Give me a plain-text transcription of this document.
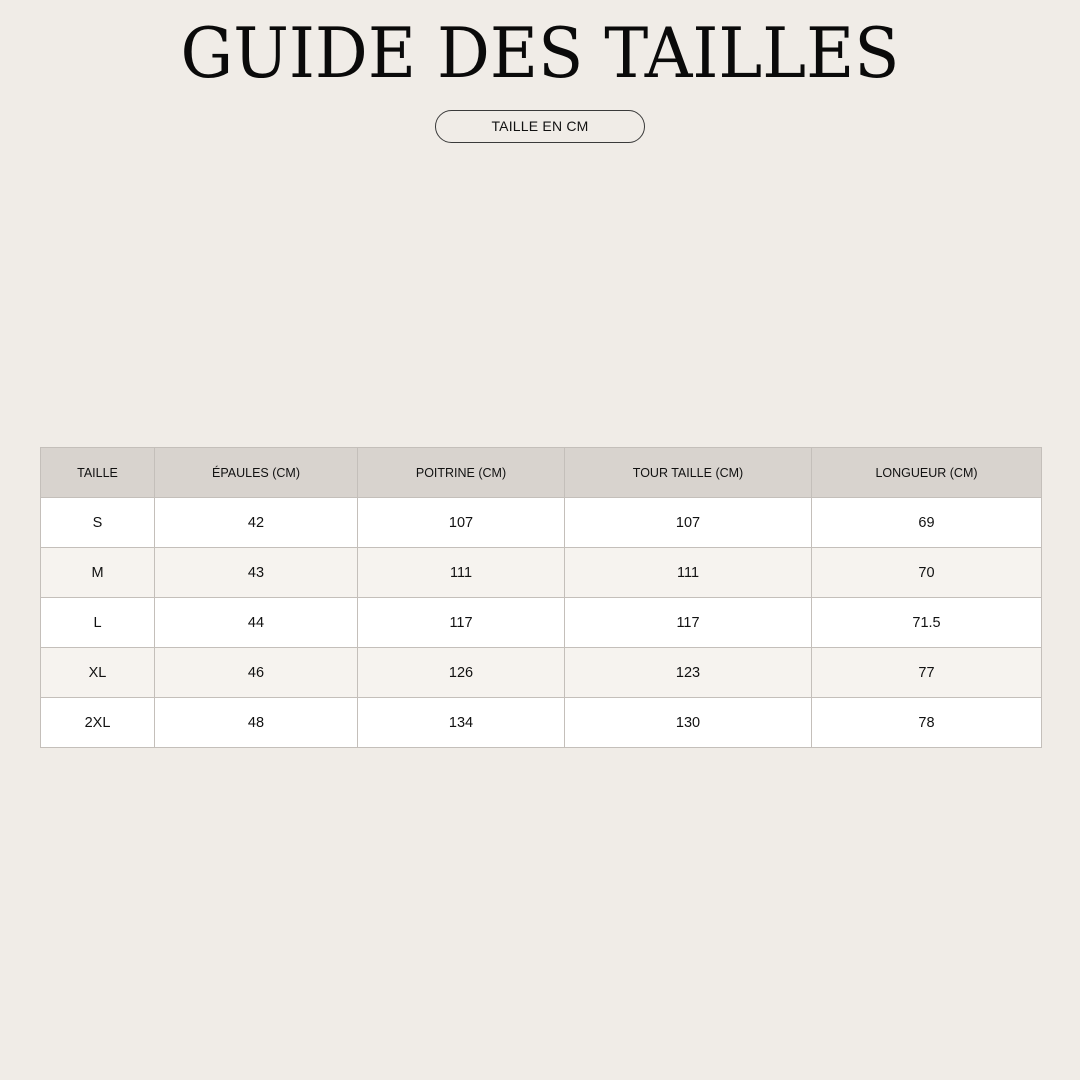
GUIDE DES TAILLES
TAILLE EN CM
TAILLE	ÉPAULES (CM)	POITRINE (CM)	TOUR TAILLE (CM)	LONGUEUR (CM)
S	42	107	107	69
M	43	111	111	70
L	44	117	117	71.5
XL	46	126	123	77
2XL	48	134	130	78
